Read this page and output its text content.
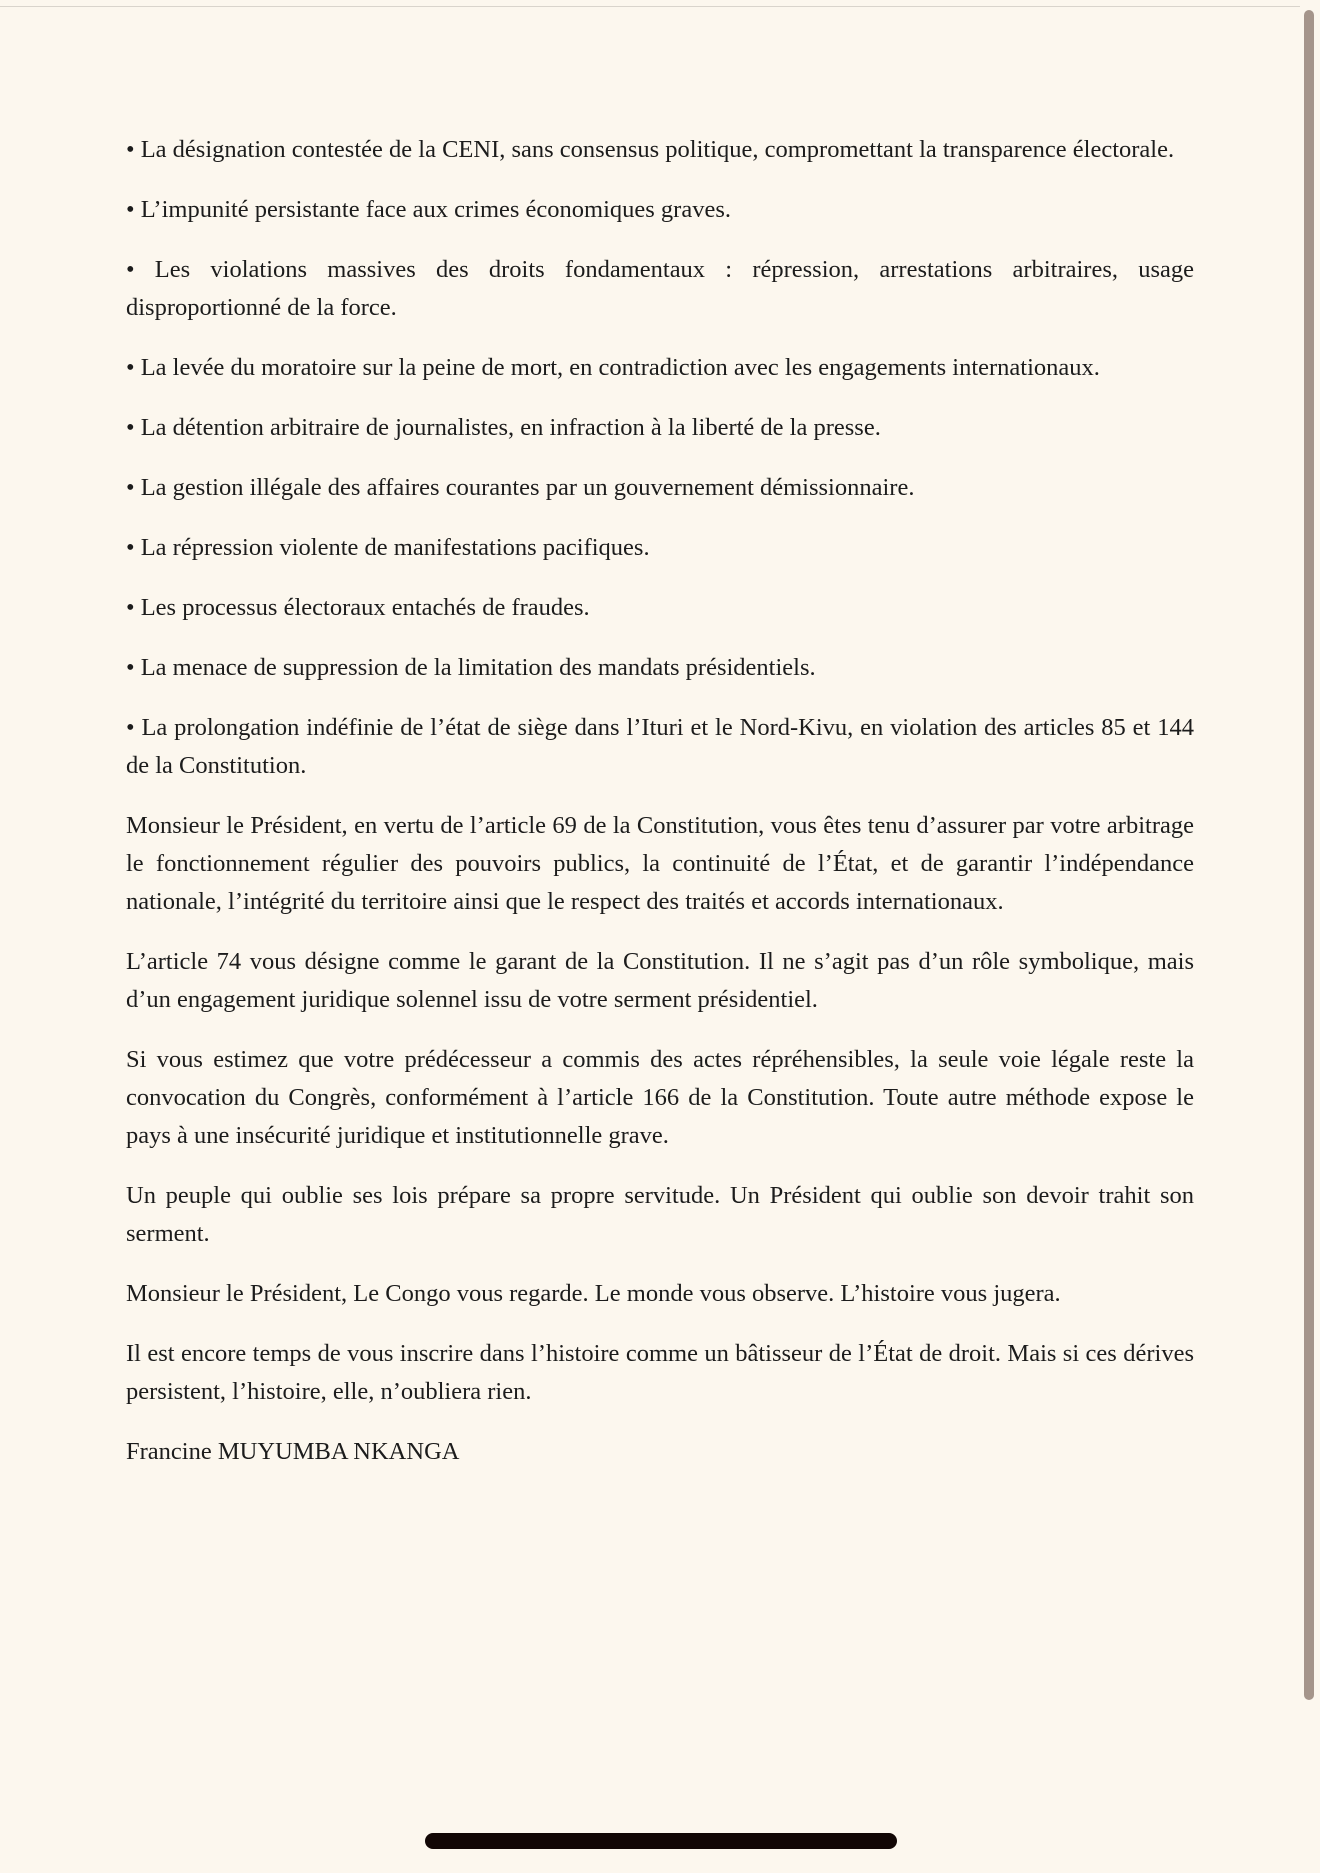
• La désignation contestée de la CENI, sans consensus politique, compromettant la transparence électorale.

• L’impunité persistante face aux crimes économiques graves.

• Les violations massives des droits fondamentaux : répression, arrestations arbitraires, usage disproportionné de la force.

• La levée du moratoire sur la peine de mort, en contradiction avec les engagements internationaux.

• La détention arbitraire de journalistes, en infraction à la liberté de la presse.

• La gestion illégale des affaires courantes par un gouvernement démissionnaire.

• La répression violente de manifestations pacifiques.

• Les processus électoraux entachés de fraudes.

• La menace de suppression de la limitation des mandats présidentiels.

• La prolongation indéfinie de l’état de siège dans l’Ituri et le Nord-Kivu, en violation des articles 85 et 144 de la Constitution.

Monsieur le Président, en vertu de l’article 69 de la Constitution, vous êtes tenu d’assurer par votre arbitrage le fonctionnement régulier des pouvoirs publics, la continuité de l’État, et de garantir l’indépendance nationale, l’intégrité du territoire ainsi que le respect des traités et accords internationaux.

L’article 74 vous désigne comme le garant de la Constitution. Il ne s’agit pas d’un rôle symbolique, mais d’un engagement juridique solennel issu de votre serment présidentiel.

Si vous estimez que votre prédécesseur a commis des actes répréhensibles, la seule voie légale reste la convocation du Congrès, conformément à l’article 166 de la Constitution. Toute autre méthode expose le pays à une insécurité juridique et institutionnelle grave.

Un peuple qui oublie ses lois prépare sa propre servitude. Un Président qui oublie son devoir trahit son serment.

Monsieur le Président, Le Congo vous regarde. Le monde vous observe. L’histoire vous jugera.

Il est encore temps de vous inscrire dans l’histoire comme un bâtisseur de l’État de droit. Mais si ces dérives persistent, l’histoire, elle, n’oubliera rien.

Francine MUYUMBA NKANGA
